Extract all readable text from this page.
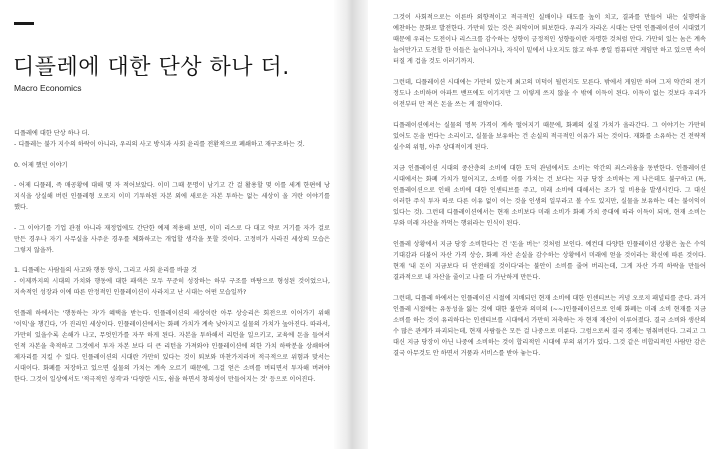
디플레에 대한 단상 하나 더.
Macro Economics

디플레에 대한 단상 하나 더.
- 디플레는 불가 지수의 하락이 아니라, 우리의 사고 방식과 사회 윤리를 전환적으로 폐쇄하고 재구조하는 것.

0. 어제 했던 이야기

- 어제 디플레, 즉 매공황에 대해 몇 자 적어보았다. 이미 그때 문명이 남기고 간 걸 활용할 몇 이를 세계 한편에 낭 지식을 상실해 버린 인플레형 오로지 이미 기투하된 자본 외에 새로운 자본 투하는 없는 세상이 올 거란 이야기를 했다.

- 그 이야기를 기업 관점 아니라 재정업에도 간단한 예제 적용해 보면, 이미 리스로 다 대고 약로 거기를 자가 걸로 만든 경우나 자기 사무실을 사주운 경우를 체화하고는 개업할 생각을 못할 것이다. 고정비가 사라진 세상의 모습은 그렇지 않을까.

1. 디플레는 사람들의 사고와 행동 양식, 그리고 사회 윤리를 바꿀 것
- 이제까지의 시대의 가치와 행동에 대한 패색은 모두 꾸준히 성장하는 하부 구조를 바탕으로 형성된 것이었으나, 지속적인 성장과 이에 따른 안정적인 인플레이션이 사라지고 난 시대는 어떤 모습일까?

인플레 하에서는 '행동하는 자'가 혜택을 받는다. 인플레이션의 세상이란 아무 상승리은 회전으로 이어가기 위해 '이익'을 챙긴다, '가 진리인 세상이다. 인플레이션에서는 화폐 가치가 계속 낮아지고 실물의 가치가 높아진다. 따라서, 가만히 있을수록 손해가 나고, 무엇인가를 자꾸 하게 된다. 자본을 투하해서 리턴을 일으키고, 교육에 돈을 들여서 인적 자본을 축적하고 그것에서 투자 자본 보다 더 큰 리턴을 가져와야 인플레이션에 의한 가치 하락분을 상쇄하여 제자리를 지킬 수 있다. 인플레이션의 시대란 가만히 있다는 것이 퇴보와 마찬가지라며 적극적으로 위험과 맞서는 시대이다. 화폐를 저장하고 있으면 실물의 가치는 계속 오르기 때문에, 그걸 얻은 소비를 버티면서 투자해 버려야 한다. 그것이 일상에서도 '적극적인 성격'과 '다양한 시도, 쉼을 하면서 창의성이 만들어지는 것' 등으로 이어진다.

그것이 사회적으로는 이른바 외향적이고 적극적인 실배이나 태도를 높이 치고, 결과를 만들어 내는 실행력을 예찬하는 문화로 발전한다. 가만히 있는 것은 죄악이며 퇴보한다. 우리가 자라온 시대는 단연 인플레이션이 시대였기 때문에 우리는 도전이나 리스크를 감수하는 성향이 긍정적인 성향들이란 자명한 것처럼 안다. 가만히 있는 놈은 계속 늘어만가고 도전할 한 이들은 늘어나거나, 자식이 밑에서 나오지도 않고 하루 종일 컴퓨터만 게임만 하고 있으면 속이 터질 게 겁을 것도 이러기까지.

그런데, 디플레이션 시대에는 가만히 있는게 최고의 미덕이 될런지도 모른다. 밖에서 게임만 하며 그저 약간의 전기 정도나 소비하며 아파트 밴프에도 이기지만 그 이렇게 쓰지 않을 수 밖에 이득이 된다. 이득이 없는 것보다 우리가 이전부터 만 적은 돈을 쓰는 게 절약이다.

디플레이션에서는 실물의 명목 가격이 계속 떨어지기 때문에, 화폐의 실질 가치가 올라간다. 그 이야기는 가만히 있어도 돈을 번다는 소리이고, 실물을 보유하는 건 손실의 적극적인 이유가 되는 것이다. 재화를 소유하는 건 전략적 실수의 위험, 아주 상대적이게 된다.

지금 인플레이션 시대의 중산층의 소비에 대한 도덕 관념에서도 소비는 악간의 죄스러움을 동반한다. 인플레이션 시대에서는 화폐 가치가 떨어지고, 소비를 이룰 가치는 건 보다는 지금 당장 소비하는 게 나은데도 불구하고 (특, 인플레이션으로 인해 소비에 대한 인센티브를 주고, 미래 소비에 대해서는 조가 일 비용을 발생시킨다. 그 대신 이러한 주식 투자 따로 다른 이유 없이 이는 것을 인생의 일부라고 볼 수도 있지만, 실물을 보유하는 데는 불이익이 있다는 것). 그런데 디플레이션에서는 현재 소비보다 미래 소비가 화폐 가치 증대에 따라 이득이 되며, 현재 소비는 부와 미래 자산을 까먹는 행위라는 인식이 된다.

인플레 상황에서 지금 당장 소비한다는 건 '돈을 버는' 것처럼 보인다. 예컨대 다양한 인플레이션 상황은 높은 수익 기대감과 더불어 자산 가격 상승, 화폐 자산 손실을 감수하는 상황에서 미래에 얻을 것이라는 확신에 따른 것이다. 현재 '내 돈이 지금보다 더 안전해질 것이다'라는 불안이 소비를 줄여 버리는데, 그게 자산 가격 하락을 만들어 결과적으로 내 자산을 줄이고 나를 더 가난하게 만든다.

그런데, 디플레 하에서는 인플레이션 시절에 지배되던 현재 소비에 대한 인센티브는 커녕 오로지 패널티를 준다. 과거 인플레 시절에는 유동성을 잃는 것에 대한 불안과 의미의 (~~)인플레이션으로 인해 화폐는 미래 소비 현재를 지금 소비를 하는 것이 유리하다는 인센티브를 시대에서 가만히 저축하는 자 현재 재산이 이루어졌다. 결국 소비와 생산의 수 많은 관계가 파괴되는데, 현재 사람들은 모든 걸 나중으로 미룬다. 그럼으로써 결국 경제는 멈춰버린다. 그리고 그 대신 지금 당장이 아닌 나중에 소비하는 것이 합리적인 시대에 부의 위기가 있다. 그것 같은 비합리적인 사람만 감은 결국 아무것도 안 하면서 거품과 서비스를 받아 놓는다.
